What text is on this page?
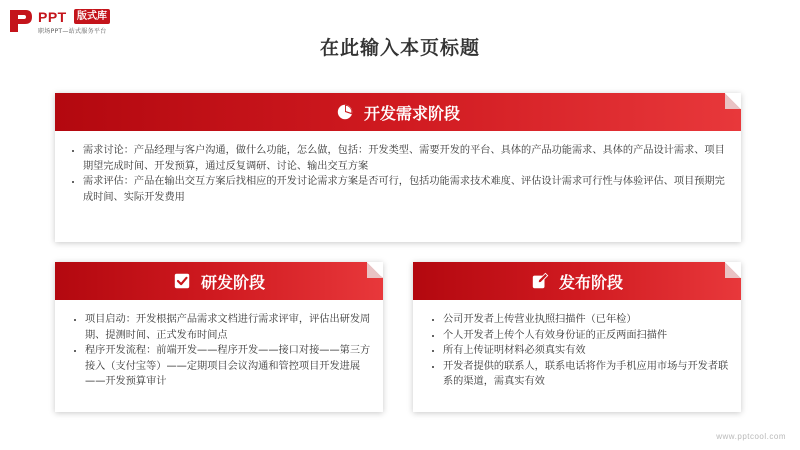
PPT	版式库
职场PPT—站式服务平台
在此输入本页标题
开发需求阶段
• 需求讨论：产品经理与客户沟通，做什么功能，怎么做，包括：开发类型、需要开发的平台、具体的产品功能需求、具体的产品设计需求、项目期望完成时间、开发预算，通过反复调研、讨论、输出交互方案
• 需求评估：产品在输出交互方案后找相应的开发讨论需求方案是否可行，包括功能需求技术难度、评估设计需求可行性与体验评估、项目预期完成时间、实际开发费用
研发阶段
• 项目启动：开发根据产品需求文档进行需求评审，评估出研发周期、提测时间、正式发布时间点
• 程序开发流程：前端开发——程序开发——接口对接——第三方接入（支付宝等）——定期项目会议沟通和管控项目开发进展——开发预算审计
发布阶段
• 公司开发者上传营业执照扫描件（已年检）
• 个人开发者上传个人有效身份证的正反两面扫描件
• 所有上传证明材料必须真实有效
• 开发者提供的联系人，联系电话将作为手机应用市场与开发者联系的渠道，需真实有效
www.pptcool.com
